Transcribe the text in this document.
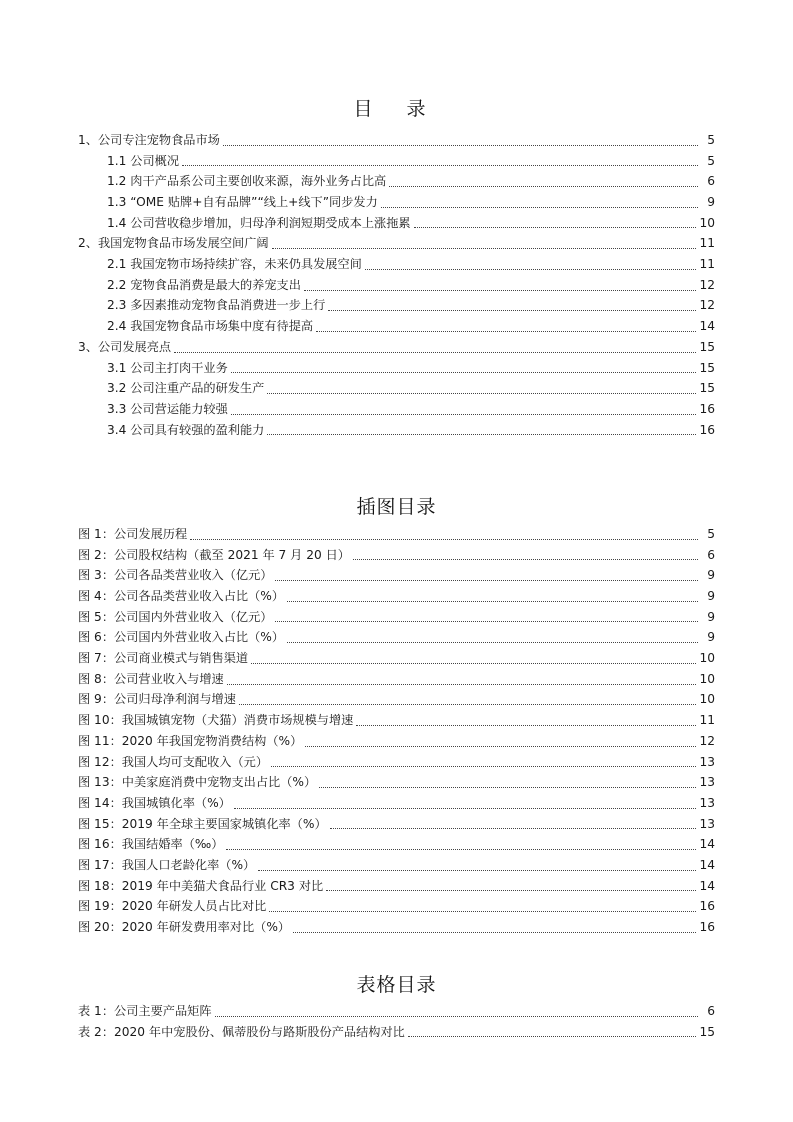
目 录
1、公司专注宠物食品市场	5
1.1 公司概况	5
1.2 肉干产品系公司主要创收来源，海外业务占比高	6
1.3 “OME 贴牌+自有品牌”“线上+线下”同步发力	9
1.4 公司营收稳步增加，归母净利润短期受成本上涨拖累	10
2、我国宠物食品市场发展空间广阔	11
2.1 我国宠物市场持续扩容，未来仍具发展空间	11
2.2 宠物食品消费是最大的养宠支出	12
2.3 多因素推动宠物食品消费进一步上行	12
2.4 我国宠物食品市场集中度有待提高	14
3、公司发展亮点	15
3.1 公司主打肉干业务	15
3.2 公司注重产品的研发生产	15
3.3 公司营运能力较强	16
3.4 公司具有较强的盈利能力	16
插图目录
图 1：公司发展历程	5
图 2：公司股权结构（截至 2021 年 7 月 20 日）	6
图 3：公司各品类营业收入（亿元）	9
图 4：公司各品类营业收入占比（%）	9
图 5：公司国内外营业收入（亿元）	9
图 6：公司国内外营业收入占比（%）	9
图 7：公司商业模式与销售渠道	10
图 8：公司营业收入与增速	10
图 9：公司归母净利润与增速	10
图 10：我国城镇宠物（犬猫）消费市场规模与增速	11
图 11：2020 年我国宠物消费结构（%）	12
图 12：我国人均可支配收入（元）	13
图 13：中美家庭消费中宠物支出占比（%）	13
图 14：我国城镇化率（%）	13
图 15：2019 年全球主要国家城镇化率（%）	13
图 16：我国结婚率（‰）	14
图 17：我国人口老龄化率（%）	14
图 18：2019 年中美猫犬食品行业 CR3 对比	14
图 19：2020 年研发人员占比对比	16
图 20：2020 年研发费用率对比（%）	16
表格目录
表 1：公司主要产品矩阵	6
表 2：2020 年中宠股份、佩蒂股份与路斯股份产品结构对比	15
